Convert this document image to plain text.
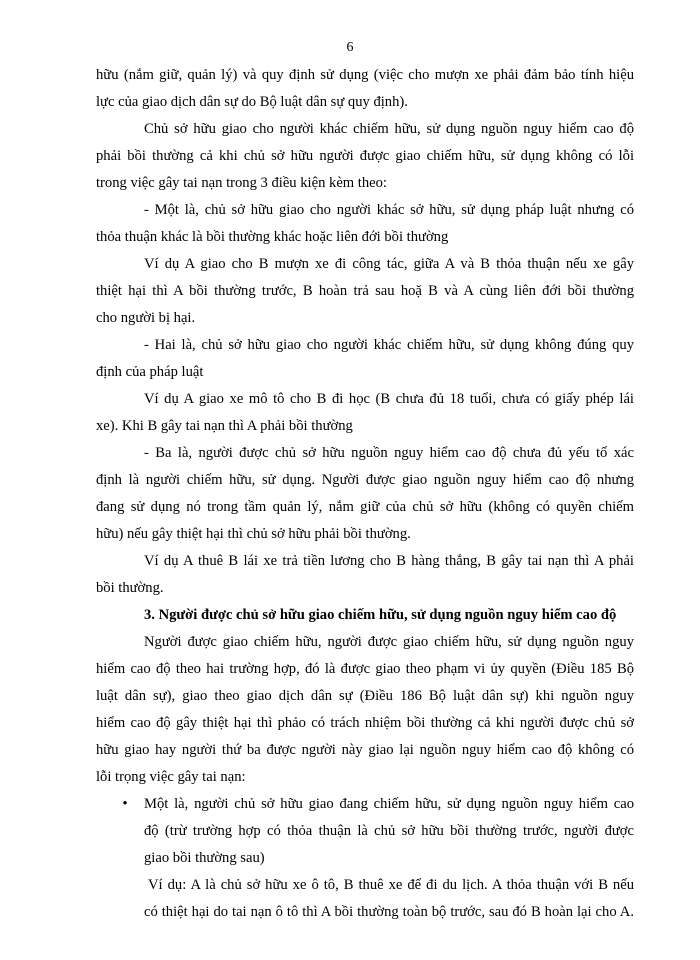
6
hữu (nắm giữ, quản lý) và quy định sử dụng (việc cho mượn xe phải đảm bảo tính hiệu
lực của giao dịch dân sự do Bộ luật dân sự quy định).
Chủ sở hữu giao cho người khác chiếm hữu, sử dụng nguồn nguy hiểm cao độ
phải bồi thường cả khi chủ sở hữu người được giao chiếm hữu, sử dụng không có lỗi
trong việc gây tai nạn trong 3 điều kiện kèm theo:
- Một là, chủ sở hữu giao cho người khác sở hữu, sử dụng pháp luật nhưng có
thỏa thuận khác là bồi thường khác hoặc liên đới bồi thường
Ví dụ A giao cho B mượn xe đi công tác, giữa A và B thỏa thuận nếu xe gây
thiệt hại thì A bồi thường trước, B hoàn trả sau hoặ B và A cùng liên đới bồi thường
cho người bị hại.
- Hai là, chủ sở hữu giao cho người khác chiếm hữu, sử dụng không đúng quy
định của pháp luật
Ví dụ A giao xe mô tô cho B đi học (B chưa đủ 18 tuổi, chưa có giấy phép lái
xe). Khi B gây tai nạn thì A phải bồi thường
- Ba là, người được chủ sở hữu nguồn nguy hiểm cao độ chưa đủ yếu tố xác
định là người chiếm hữu, sử dụng. Người được giao nguồn nguy hiểm cao độ nhưng
đang sử dụng nó trong tầm quản lý, nắm giữ của chủ sở hữu (không có quyền chiếm
hữu) nếu gây thiệt hại thì chủ sở hữu phải bồi thường.
Ví dụ A thuê B lái xe trả tiền lương cho B hàng thắng, B gây tai nạn thì A phải
bồi thường.
3. Người được chủ sở hữu giao chiếm hữu, sử dụng nguồn nguy hiểm cao độ
Người được giao chiếm hữu, người được giao chiếm hữu, sử dụng nguồn nguy
hiểm cao độ theo hai trường hợp, đó là được giao theo phạm vi ủy quyền (Điều 185 Bộ
luật dân sự), giao theo giao dịch dân sự (Điều 186 Bộ luật dân sự) khi nguồn nguy
hiểm cao độ gây thiệt hại thì phảo có trách nhiệm bồi thường cả khi người được chủ sở
hữu giao hay người thứ ba được người này giao lại nguồn nguy hiểm cao độ không có
lỗi trọng việc gây tai nạn:
• Một là, người chủ sở hữu giao đang chiếm hữu, sử dụng nguồn nguy hiểm cao
độ (trừ trường hợp có thỏa thuận là chủ sở hữu bồi thường trước, người được
giao bồi thường sau)
Ví dụ: A là chủ sở hữu xe ô tô, B thuê xe để đi du lịch. A thỏa thuận với B nếu
có thiệt hại do tai nạn ô tô thì A bồi thường toàn bộ trước, sau đó B hoàn lại cho A.
